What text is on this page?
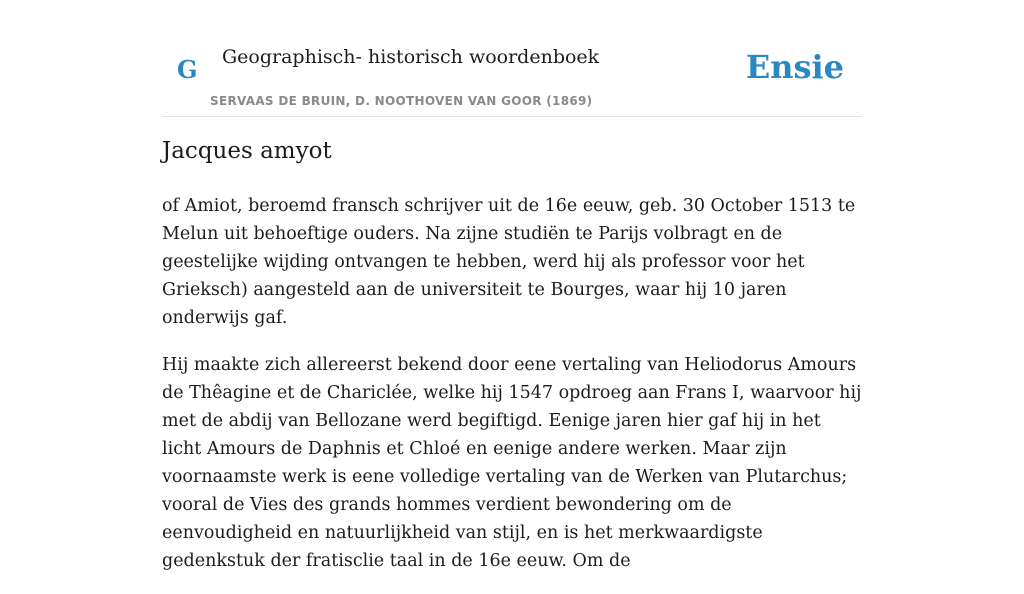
G Geographisch- historisch woordenboek
SERVAAS DE BRUIN, D. NOOTHOVEN VAN GOOR (1869)
Ensie
Jacques amyot

of Amiot, beroemd fransch schrijver uit de 16e eeuw, geb. 30 October 1513 te Melun uit behoeftige ouders. Na zijne studiën te Parijs volbragt en de geestelijke wijding ontvangen te hebben, werd hij als professor voor het Grieksch) aangesteld aan de universiteit te Bourges, waar hij 10 jaren onderwijs gaf.

Hij maakte zich allereerst bekend door eene vertaling van Heliodorus Amours de Thêagine et de Chariclée, welke hij 1547 opdroeg aan Frans I, waarvoor hij met de abdij van Bellozane werd begiftigd. Eenige jaren hier gaf hij in het licht Amours de Daphnis et Chloé en eenige andere werken. Maar zijn voornaamste werk is eene volledige vertaling van de Werken van Plutarchus; vooral de Vies des grands hommes verdient bewondering om de eenvoudigheid en natuurlijkheid van stijl, en is het merkwaardigste gedenkstuk der fratisclie taal in de 16e eeuw. Om de
